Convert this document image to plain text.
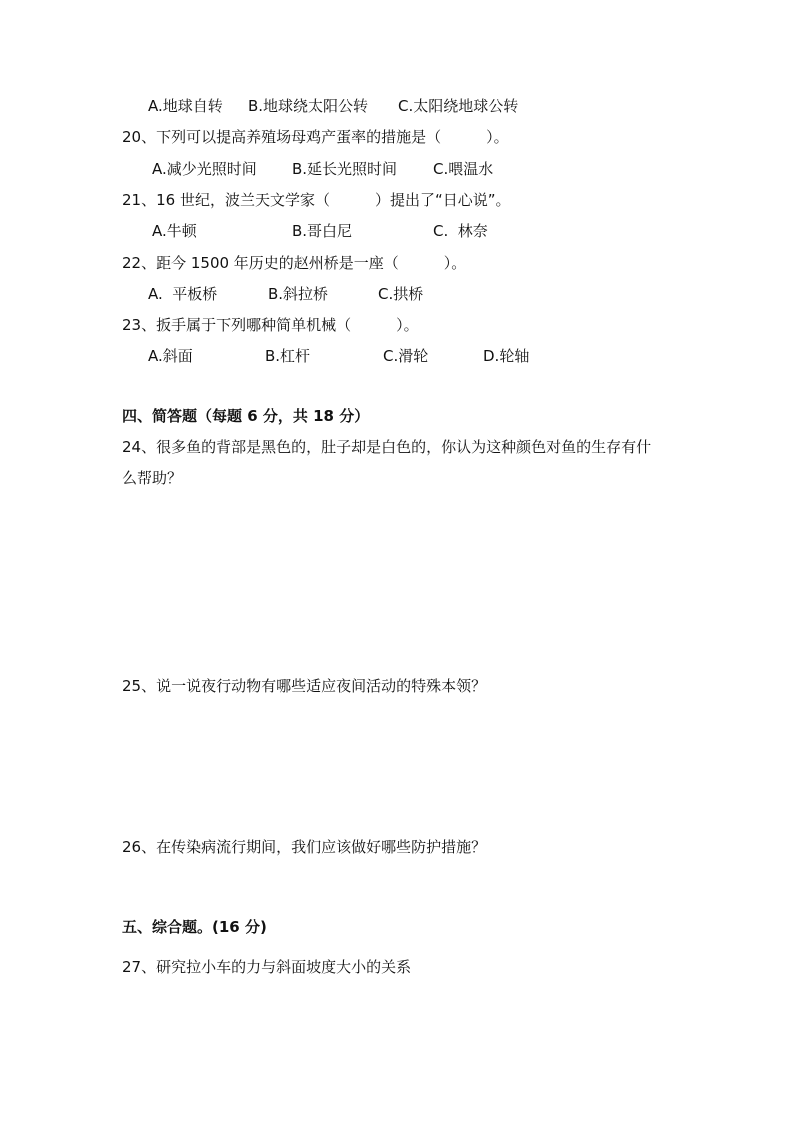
A.地球自转 B.地球绕太阳公转 C.太阳绕地球公转
20、下列可以提高养殖场母鸡产蛋率的措施是（　　　）。
A.减少光照时间 B.延长光照时间 C.喂温水
21、16 世纪，波兰天文学家（　　　）提出了“日心说”。
A.牛顿	B.哥白尼	C.  林奈
22、距今 1500 年历史的赵州桥是一座（　　　）。
A.  平板桥	B.斜拉桥	C.拱桥
23、扳手属于下列哪种简单机械（　　　）。
A.斜面	B.杠杆	C.滑轮	D.轮轴
四、简答题（每题 6 分，共 18 分）
24、很多鱼的背部是黑色的，肚子却是白色的，你认为这种颜色对鱼的生存有什
么帮助？
25、说一说夜行动物有哪些适应夜间活动的特殊本领？
26、在传染病流行期间，我们应该做好哪些防护措施？
五、综合题。(16 分)
27、研究拉小车的力与斜面坡度大小的关系
